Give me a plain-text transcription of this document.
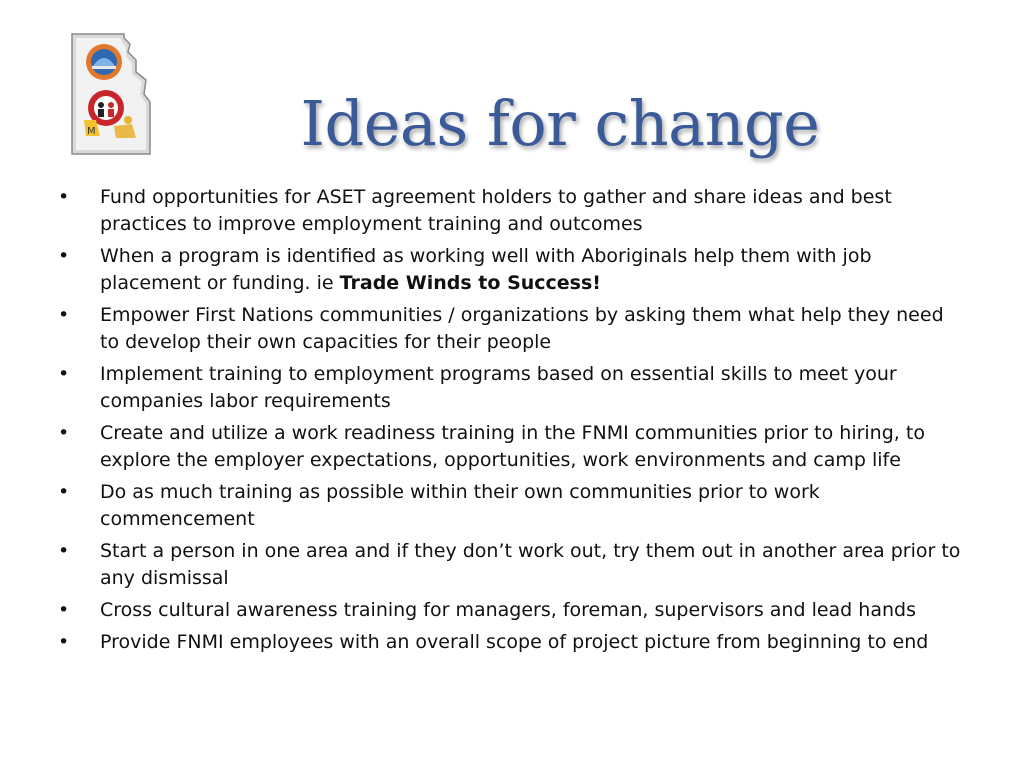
M	Ideas for change
•	Fund opportunities for ASET agreement holders to gather and share ideas and best practices to improve employment training and outcomes
•	When a program is identified as working well with Aboriginals help them with job placement or funding. ie Trade Winds to Success!
•	Empower First Nations communities / organizations by asking them what help they need to develop their own capacities for their people
•	Implement training to employment programs based on essential skills to meet your companies labor requirements
•	Create and utilize a work readiness training in the FNMI communities prior to hiring, to explore the employer expectations, opportunities, work environments and camp life
•	Do as much training as possible within their own communities prior to work commencement
•	Start a person in one area and if they don’t work out, try them out in another area prior to any dismissal
•	Cross cultural awareness training for managers, foreman, supervisors and lead hands
•	Provide FNMI employees with an overall scope of project picture from beginning to end
